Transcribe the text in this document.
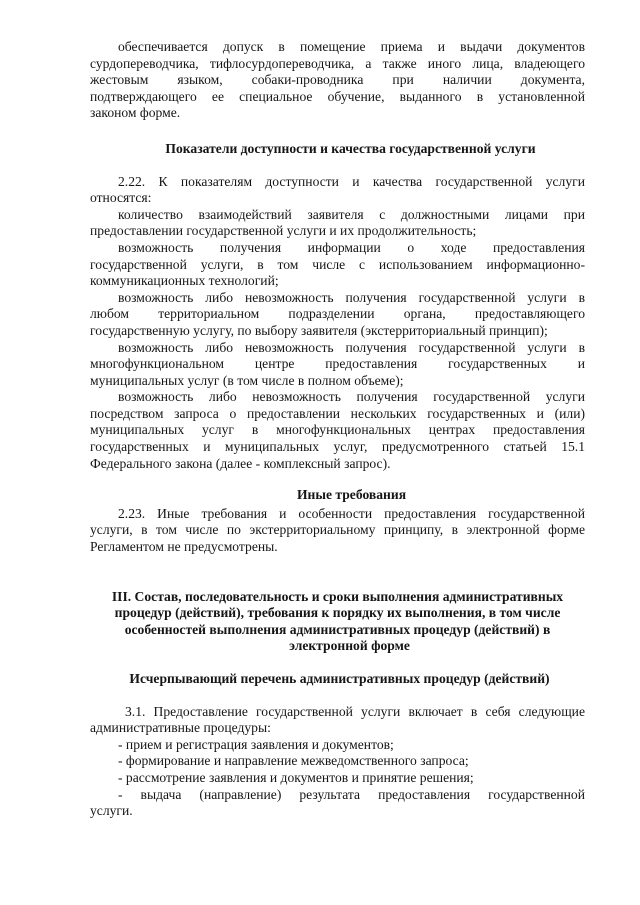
обеспечивается допуск в помещение приема и выдачи документов
сурдопереводчика, тифлосурдопереводчика, а также иного лица, владеющего
жестовым языком, собаки-проводника при наличии документа,
подтверждающего ее специальное обучение, выданного в установленной
законом форме.
Показатели доступности и качества государственной услуги
2.22. К показателям доступности и качества государственной услуги
относятся:
количество взаимодействий заявителя с должностными лицами при
предоставлении государственной услуги и их продолжительность;
возможность получения информации о ходе предоставления
государственной услуги, в том числе с использованием информационно-
коммуникационных технологий;
возможность либо невозможность получения государственной услуги в
любом территориальном подразделении органа, предоставляющего
государственную услугу, по выбору заявителя (экстерриториальный принцип);
возможность либо невозможность получения государственной услуги в
многофункциональном центре предоставления государственных и
муниципальных услуг (в том числе в полном объеме);
возможность либо невозможность получения государственной услуги
посредством запроса о предоставлении нескольких государственных и (или)
муниципальных услуг в многофункциональных центрах предоставления
государственных и муниципальных услуг, предусмотренного статьей 15.1
Федерального закона (далее - комплексный запрос).
Иные требования
2.23. Иные требования и особенности предоставления государственной
услуги, в том числе по экстерриториальному принципу, в электронной форме
Регламентом не предусмотрены.
III. Состав, последовательность и сроки выполнения административных
процедур (действий), требования к порядку их выполнения, в том числе
особенностей выполнения административных процедур (действий) в
электронной форме
Исчерпывающий перечень административных процедур (действий)
3.1. Предоставление государственной услуги включает в себя следующие
административные процедуры:
- прием и регистрация заявления и документов;
- формирование и направление межведомственного запроса;
- рассмотрение заявления и документов и принятие решения;
- выдача (направление) результата предоставления государственной
услуги.
